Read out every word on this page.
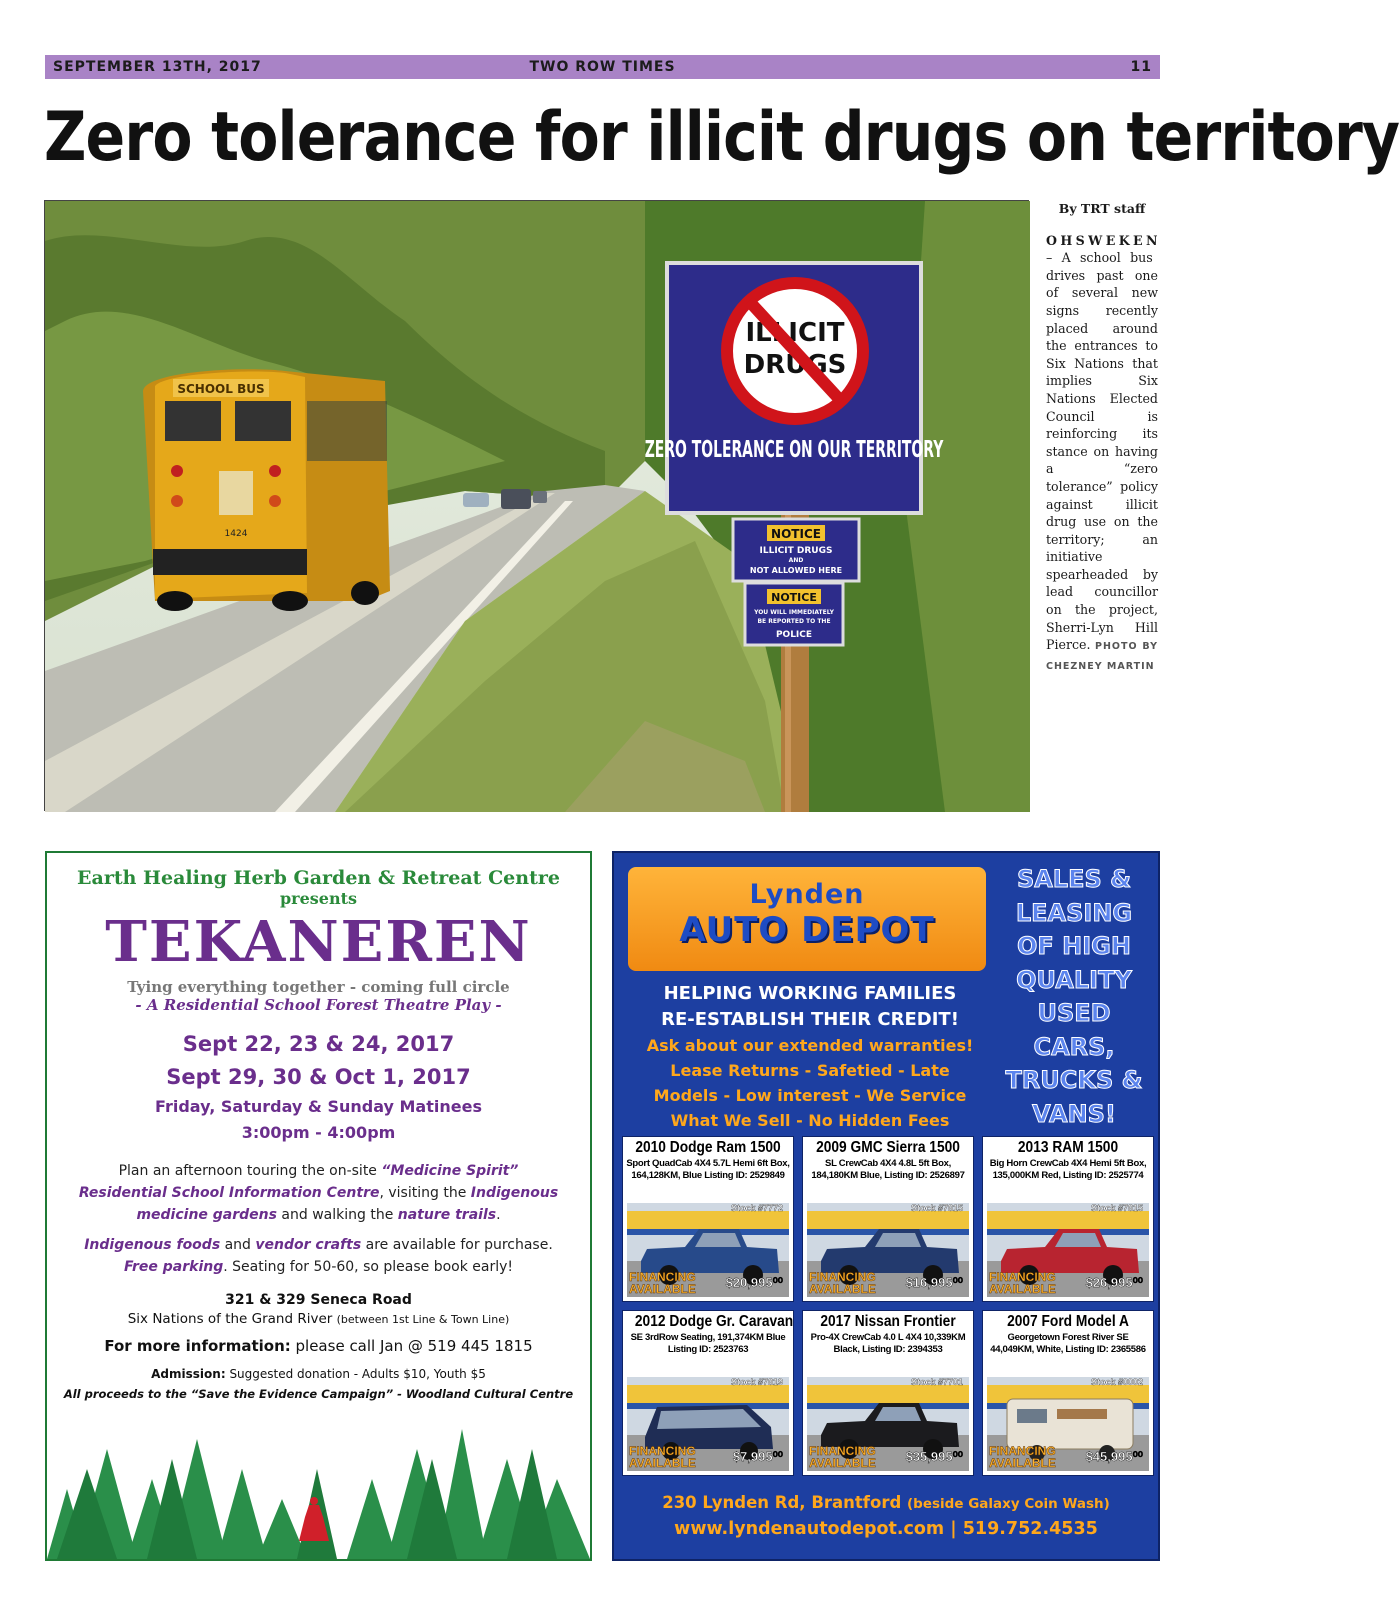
SEPTEMBER 13TH, 2017	TWO ROW TIMES	11
Zero tolerance for illicit drugs on territory
SCHOOL BUS
1424
ILLICIT
DRUGS
ZERO TOLERANCE ON OUR TERRITORY
NOTICE
ILLICIT DRUGS
AND
NOT ALLOWED HERE
NOTICE
YOU WILL IMMEDIATELY
BE REPORTED TO THE
POLICE
By TRT staff

OHSWEKEN – A school bus drives past one of several new signs recently placed around the entrances to Six Nations that implies Six Nations Elected Council is reinforcing its stance on having a “zero tolerance” policy against illicit drug use on the territory; an initiative spearheaded by lead councillor on the project, Sherri-Lyn Hill Pierce. PHOTO BY CHEZNEY MARTIN

Earth Healing Herb Garden & Retreat Centre
presents
TEKANEREN
Tying everything together - coming full circle
- A Residential School Forest Theatre Play -
Sept 22, 23 & 24, 2017
Sept 29, 30 & Oct 1, 2017
Friday, Saturday & Sunday Matinees
3:00pm - 4:00pm

Plan an afternoon touring the on-site “Medicine Spirit” Residential School Information Centre, visiting the Indigenous medicine gardens and walking the nature trails.

Indigenous foods and vendor crafts are available for purchase.
Free parking. Seating for 50-60, so please book early!

321 & 329 Seneca Road
Six Nations of the Grand River (between 1st Line & Town Line)
For more information: please call Jan @ 519 445 1815
Admission: Suggested donation - Adults $10, Youth $5
All proceeds to the “Save the Evidence Campaign” - Woodland Cultural Centre
Lynden
AUTO DEPOT
SALES &
LEASING
OF HIGH
QUALITY
USED
CARS,
TRUCKS &
VANS!
HELPING WORKING FAMILIES
RE-ESTABLISH THEIR CREDIT!
Ask about our extended warranties!
Lease Returns - Safetied - Late
Models - Low interest - We Service
What We Sell - No Hidden Fees
2010 Dodge Ram 1500
Sport QuadCab 4X4 5.7L Hemi 6ft Box, 164,128KM, Blue Listing ID: 2529849
Stock #7772
FINANCING
AVAILABLE $20,995⁰⁰
2009 GMC Sierra 1500
SL CrewCab 4X4 4.8L 5ft Box, 184,180KM Blue, Listing ID: 2526897
Stock #7815
FINANCING
AVAILABLE $16,995⁰⁰
2013 RAM 1500
Big Horn CrewCab 4X4 Hemi 5ft Box, 135,000KM Red, Listing ID: 2525774
Stock #7815
FINANCING
AVAILABLE $26,995⁰⁰
2012 Dodge Gr. Caravan
SE 3rdRow Seating, 191,374KM Blue Listing ID: 2523763
Stock #7819
FINANCING
AVAILABLE	$7,995⁰⁰
2017 Nissan Frontier
Pro-4X CrewCab 4.0 L 4X4 10,339KM Black, Listing ID: 2394353
Stock #7701
FINANCING
AVAILABLE $35,995⁰⁰
2007 Ford Model A
Georgetown Forest River SE 44,049KM, White, Listing ID: 2365586
Stock #0002
FINANCING
AVAILABLE $45,995⁰⁰
230 Lynden Rd, Brantford (beside Galaxy Coin Wash)
www.lyndenautodepot.com | 519.752.4535
